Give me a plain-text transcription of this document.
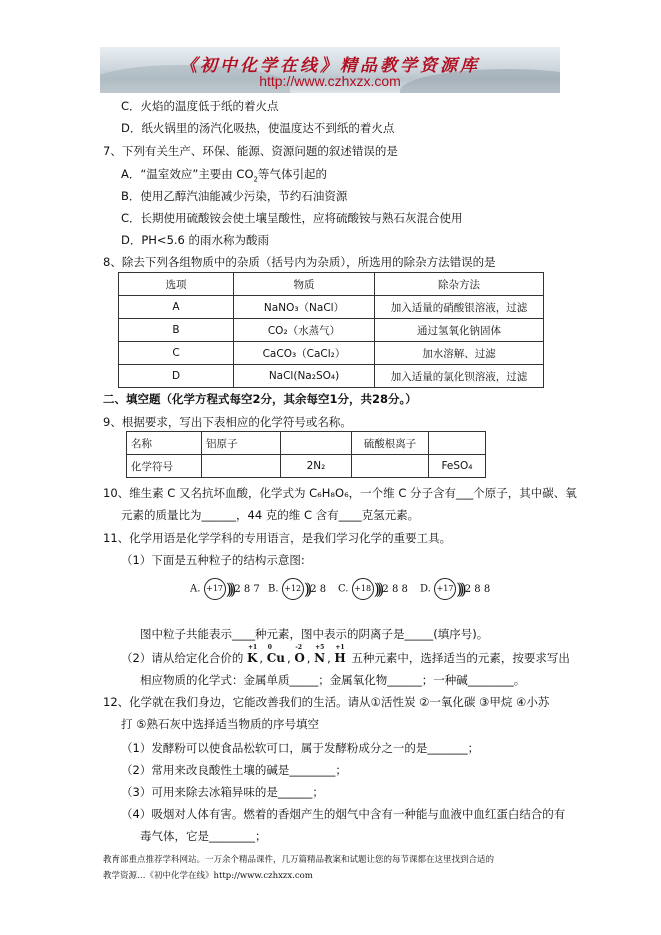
《初中化学在线》精品教学资源库
http://www.czhxzx.com
C．火焰的温度低于纸的着火点
D．纸火锅里的汤汽化吸热，使温度达不到纸的着火点
7、下列有关生产、环保、能源、资源问题的叙述错误的是
A．“温室效应”主要由 $CO_2$等气体引起的
B．使用乙醇汽油能减少污染，节约石油资源
C．长期使用硫酸铵会使土壤呈酸性，应将硫酸铵与熟石灰混合使用
D．PH<5.6 的雨水称为酸雨
8、除去下列各组物质中的杂质（括号内为杂质），所选用的除杂方法错误的是
选项	物质	除杂方法
A	NaNO₃（NaCl）	加入适量的硝酸银溶液，过滤
B	CO₂（水蒸气）	通过氢氧化钠固体
C	CaCO₃（CaCl₂）	加水溶解、过滤
D	NaCl(Na₂SO₄)	加入适量的氯化钡溶液，过滤
二、填空题（化学方程式每空2分，其余每空1分，共28分。）
9、根据要求，写出下表相应的化学符号或名称。
名称	铝原子		硫酸根离子	
化学符号		2N₂		FeSO₄
10、维生素 C 又名抗坏血酸，化学式为 C₆H₈O₆，一个维 C 分子含有___个原子，其中碳、氧
元素的质量比为______，44 克的维 C 含有____克氢元素。
11、化学用语是化学学科的专用语言，是我们学习化学的重要工具。
（1）下面是五种粒子的结构示意图:
A. +17 ))) 2 8 7 B. +12 )) 2 8 C. +18 ))) 2 8 8 D. +17 ))) 2 8 8
图中粒子共能表示____种元素，图中表示的阴离子是_____(填序号)。
（2）请从给定化合价的
+1
K ,
0
Cu ,
-2
O ,
+5
N ,
+1
H 五种元素中，选择适当的元素，按要求写出
相应物质的化学式：金属单质_____；金属氧化物______；一种碱________。
12、化学就在我们身边，它能改善我们的生活。请从①活性炭 ②一氧化碳 ③甲烷 ④小苏
打 ⑤熟石灰中选择适当物质的序号填空
（1）发酵粉可以使食品松软可口，属于发酵粉成分之一的是_______；
（2）常用来改良酸性土壤的碱是________；
（3）可用来除去冰箱异味的是______；
（4）吸烟对人体有害。燃着的香烟产生的烟气中含有一种能与血液中血红蛋白结合的有
毒气体，它是________；
教育部重点推荐学科网站。一万余个精品课件，几万篇精品教案和试题让您的每节课都在这里找到合适的
教学资源…《初中化学在线》http://www.czhxzx.com
